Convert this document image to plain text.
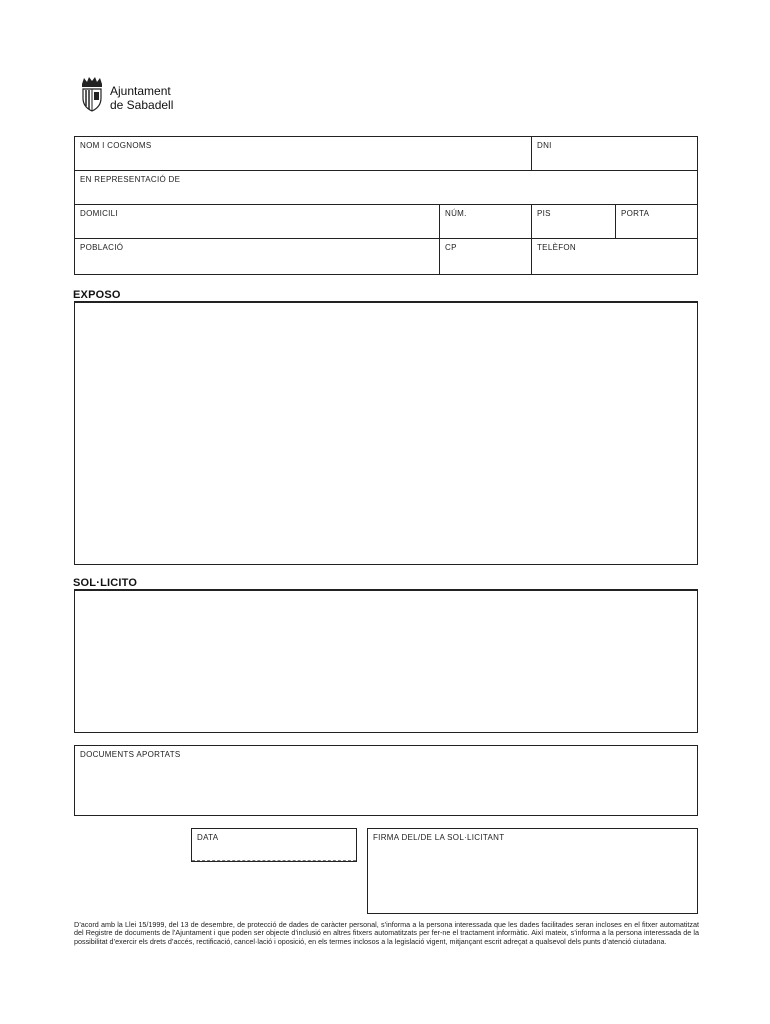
Ajuntament
de Sabadell
NOM I COGNOMS	DNI
EN REPRESENTACIÓ DE
DOMICILI	NÚM.	PIS	PORTA
POBLACIÓ	CP	TELÈFON
EXPOSO
SOL·LICITO
DOCUMENTS APORTATS
DATA	FIRMA DEL/DE LA SOL·LICITANT
D’acord amb la Llei 15/1999, del 13 de desembre, de protecció de dades de caràcter personal, s’informa a la persona interessada que les dades facilitades seran incloses en el fitxer automatitzat del Registre de documents de l’Ajuntament i que poden ser objecte d’inclusió en altres fitxers automatitzats per fer-ne el tractament informàtic. Així mateix, s’informa a la persona interessada de la possibilitat d’exercir els drets d’accés, rectificació, cancel·lació i oposició, en els termes inclosos a la legislació vigent, mitjançant escrit adreçat a qualsevol dels punts d’atenció ciutadana.
